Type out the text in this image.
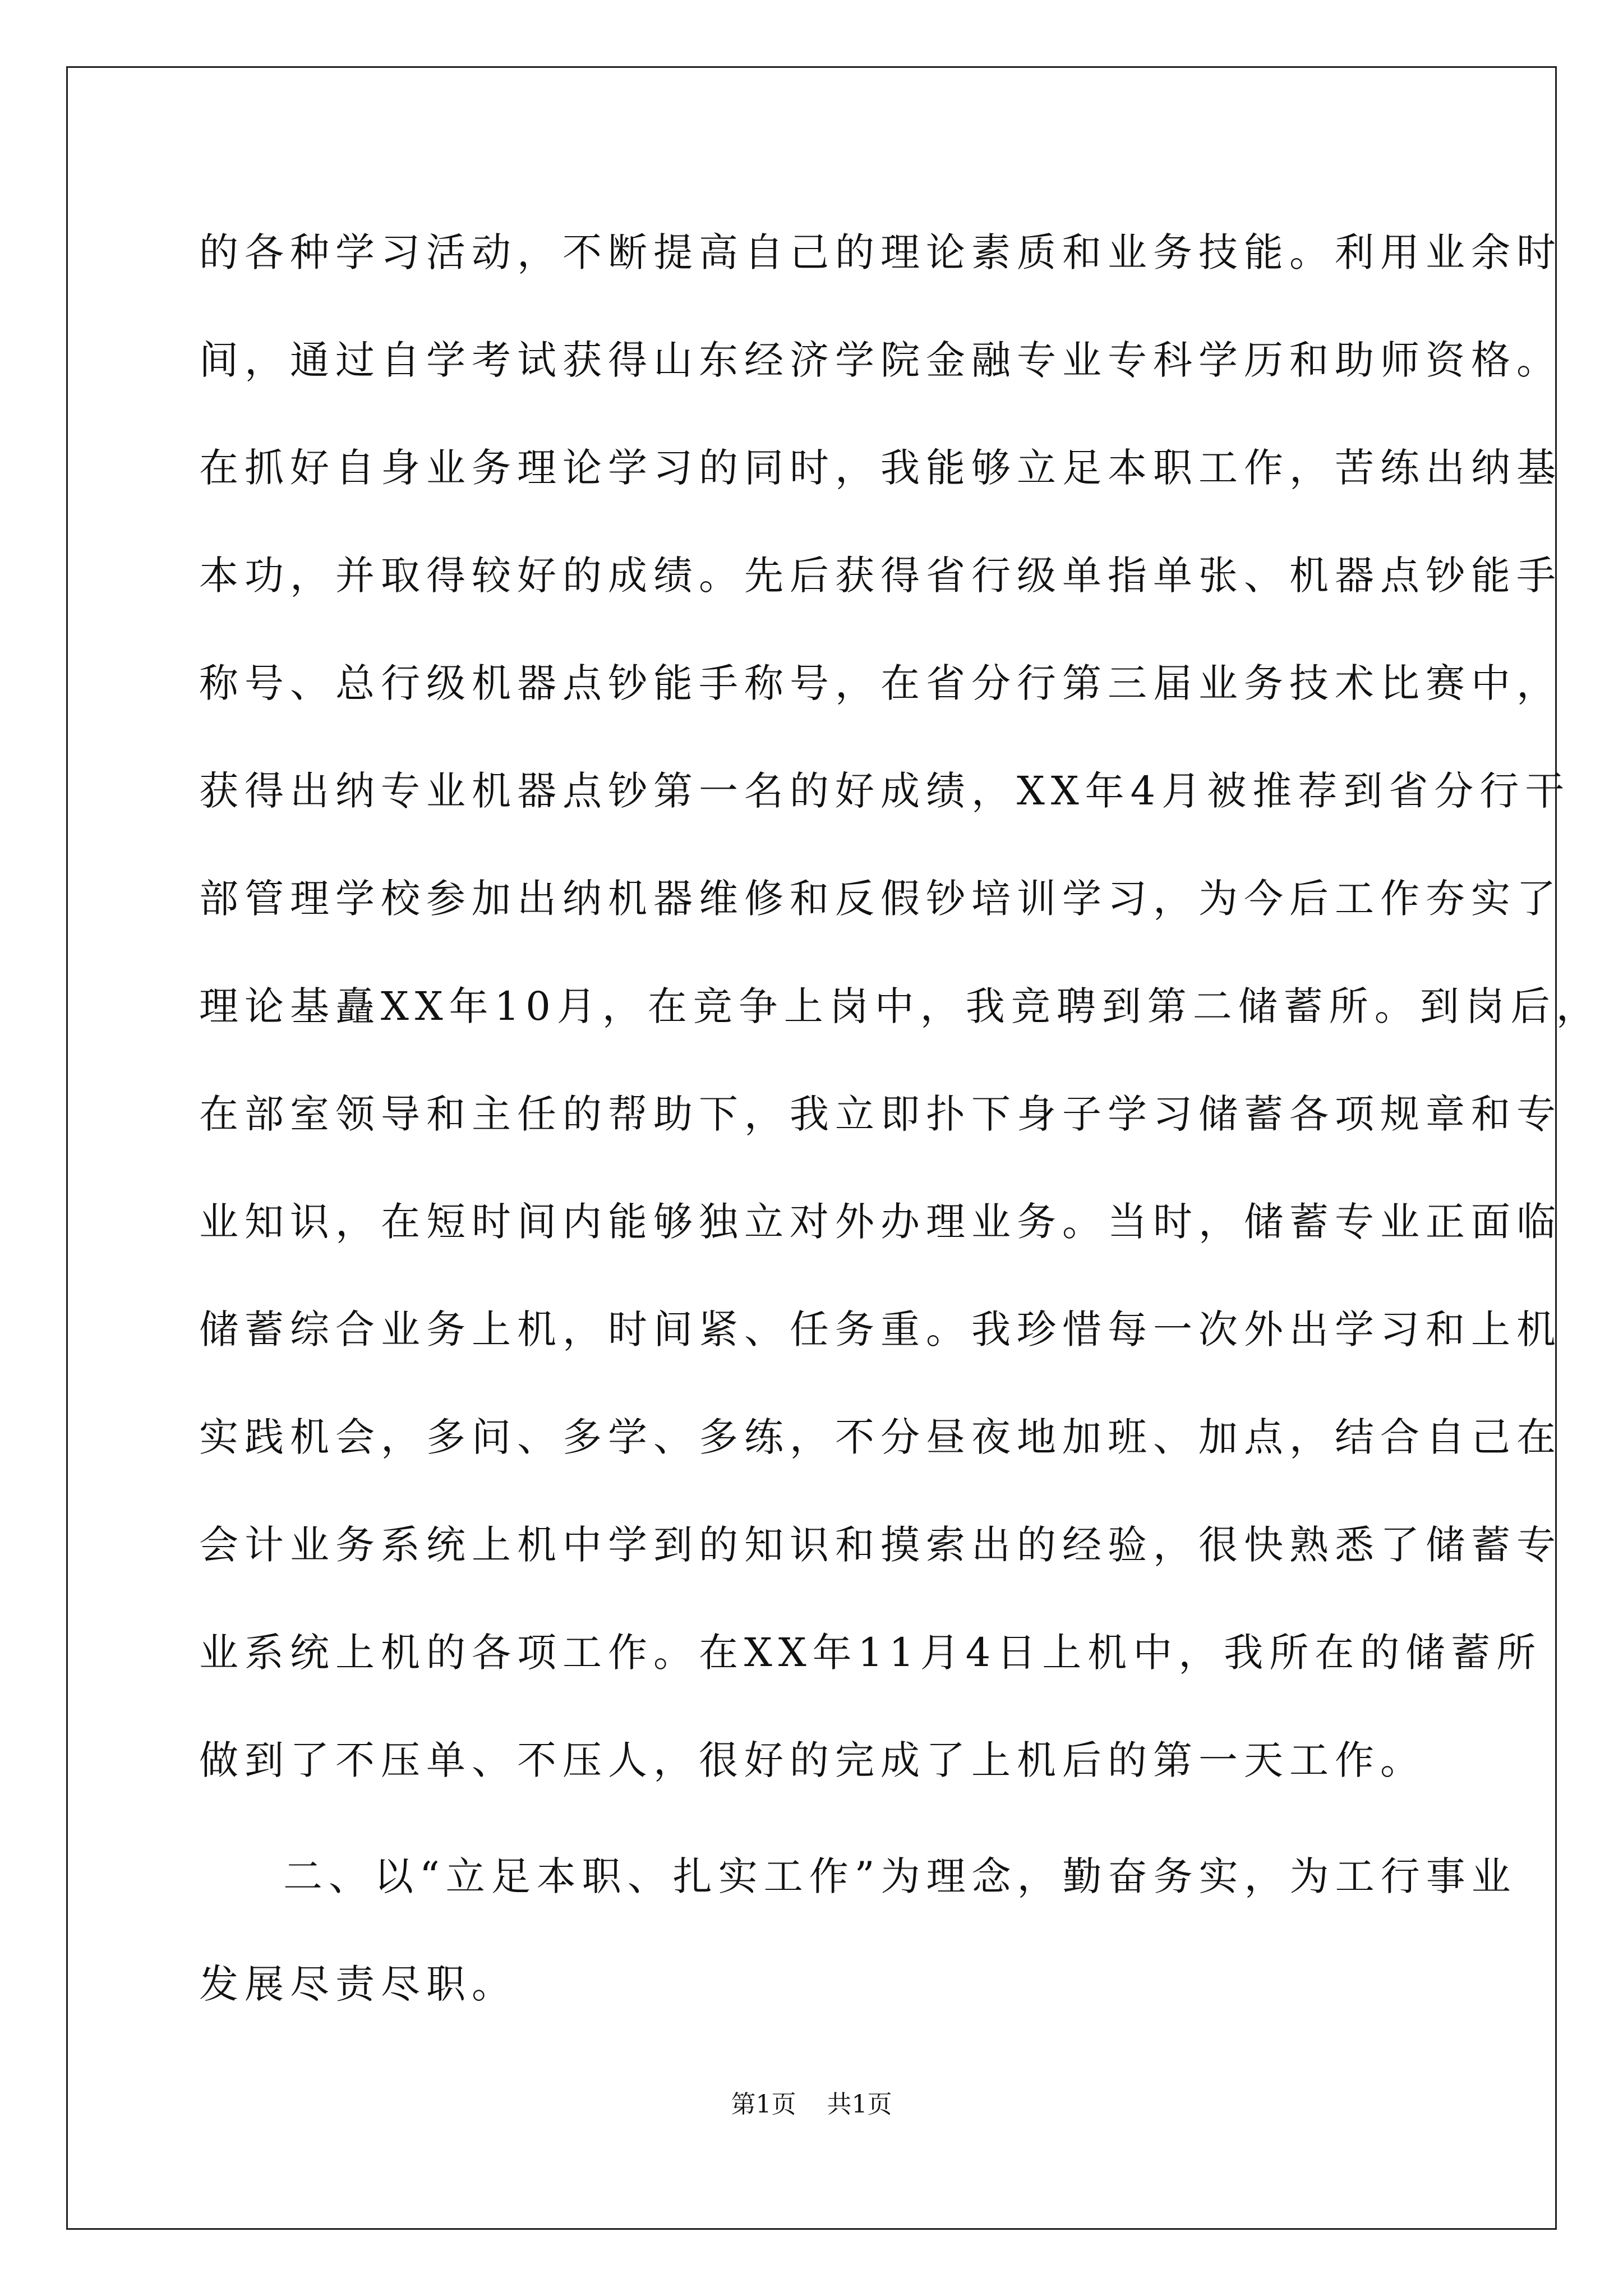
的各种学习活动，不断提高自己的理论素质和业务技能。利用业余时
间，通过自学考试获得山东经济学院金融专业专科学历和助师资格。
在抓好自身业务理论学习的同时，我能够立足本职工作，苦练出纳基
本功，并取得较好的成绩。先后获得省行级单指单张、机器点钞能手
称号、总行级机器点钞能手称号，在省分行第三届业务技术比赛中，
获得出纳专业机器点钞第一名的好成绩，XX年4月被推荐到省分行干
部管理学校参加出纳机器维修和反假钞培训学习，为今后工作夯实了
理论基矗XX年10月，在竞争上岗中，我竞聘到第二储蓄所。到岗后，
在部室领导和主任的帮助下，我立即扑下身子学习储蓄各项规章和专
业知识，在短时间内能够独立对外办理业务。当时，储蓄专业正面临
储蓄综合业务上机，时间紧、任务重。我珍惜每一次外出学习和上机
实践机会，多问、多学、多练，不分昼夜地加班、加点，结合自己在
会计业务系统上机中学到的知识和摸索出的经验，很快熟悉了储蓄专
业系统上机的各项工作。在XX年11月4日上机中，我所在的储蓄所
做到了不压单、不压人，很好的完成了上机后的第一天工作。
二、以“立足本职、扎实工作”为理念，勤奋务实，为工行事业
发展尽责尽职。
第1页 共1页
